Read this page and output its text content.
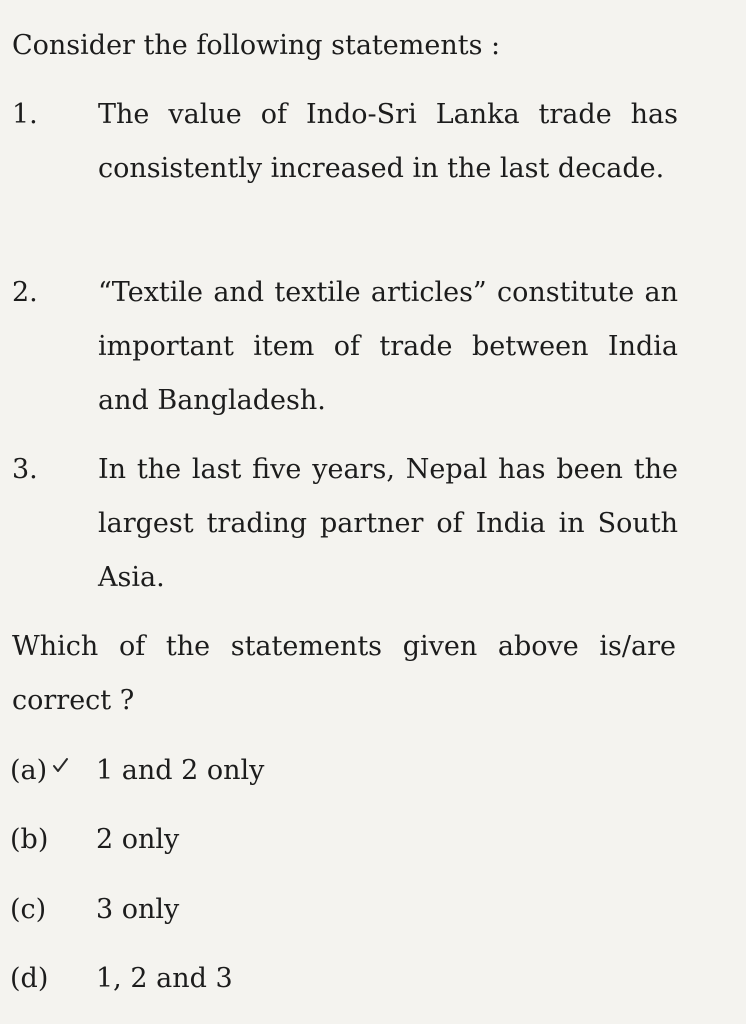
Consider the following statements :

1. The value of Indo-Sri Lanka trade has consistently increased in the last decade.
2. “Textile and textile articles” constitute an important item of trade between India and Bangladesh.
3. In the last five years, Nepal has been the largest trading partner of India in South Asia.
Which of the statements given above is/are correct ?
(a) 1 and 2 only
(b) 2 only
(c) 3 only
(d) 1, 2 and 3
